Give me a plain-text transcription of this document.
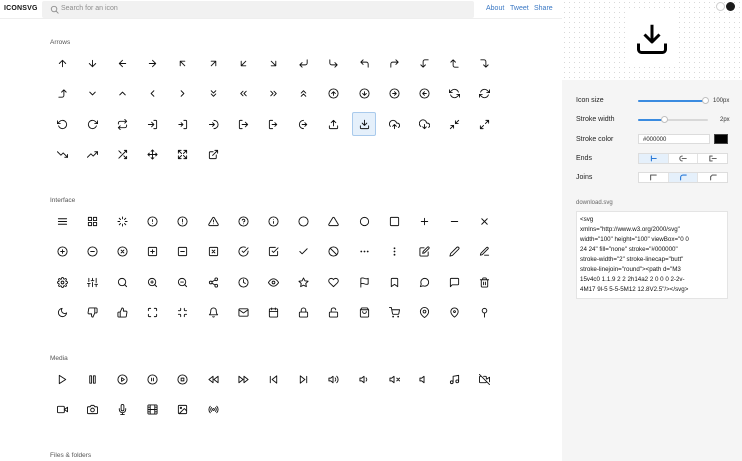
ICONSVG	Search for an icon	About Tweet Share
Arrows
Interface
Media
Files & folders
Icon size	100px
Stroke width	2px
Stroke color	#000000
Ends
Joins
download.svg
<svg
xmlns="http://www.w3.org/2000/svg"
width="100" height="100" viewBox="0 0
24 24" fill="none" stroke="#000000"
stroke-width="2" stroke-linecap="butt"
stroke-linejoin="round"><path d="M3
15v4c0 1.1.9 2 2 2h14a2 2 0 0 0 2-2v-
4M17 9l-5 5-5-5M12 12.8V2.5"/></svg>
